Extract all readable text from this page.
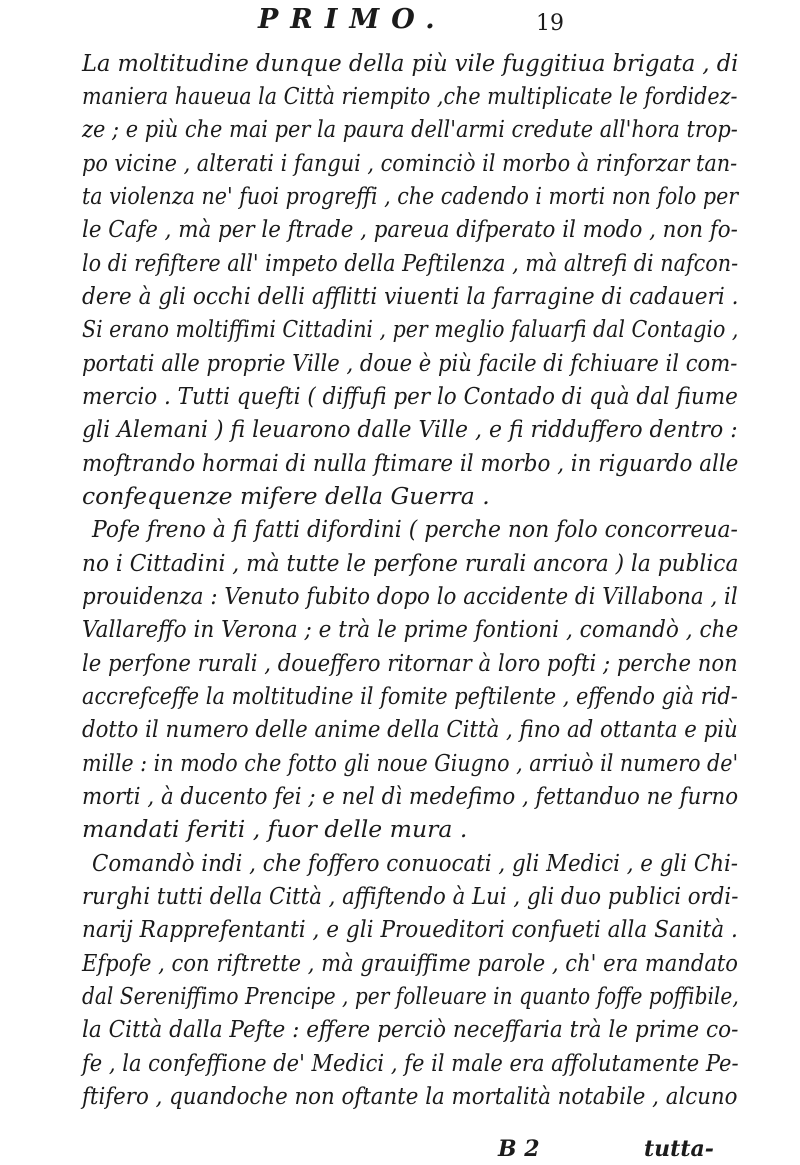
PRIMO.	19
La moltitudine dunque della più vile fuggitiua brigata , di
maniera haueua la Città riempito ,che multiplicate le fordidez-
ze ; e più che mai per la paura dell'armi credute all'hora trop-
po vicine , alterati i fangui , cominciò il morbo à rinforzar tan-
ta violenza ne' fuoi progreffi , che cadendo i morti non folo per
le Cafe , mà per le ftrade , pareua difperato il modo , non fo-
lo di refiftere all' impeto della Peftilenza , mà altrefi di nafcon-
dere à gli occhi delli afflitti viuenti la farragine di cadaueri .
Si erano moltiffimi Cittadini , per meglio faluarfi dal Contagio ,
portati alle proprie Ville , doue è più facile di fchiuare il com-
mercio . Tutti quefti ( diffufi per lo Contado di quà dal fiume
gli Alemani ) fi leuarono dalle Ville , e fi ridduffero dentro :
moftrando hormai di nulla ftimare il morbo , in riguardo alle
confequenze mifere della Guerra .
Pofe freno à fi fatti difordini ( perche non folo concorreua-
no i Cittadini , mà tutte le perfone rurali ancora ) la publica
prouidenza : Venuto fubito dopo lo accidente di Villabona , il
Vallareffo in Verona ; e trà le prime fontioni , comandò , che
le perfone rurali , doueffero ritornar à loro pofti ; perche non
accrefceffe la moltitudine il fomite peftilente , effendo già rid-
dotto il numero delle anime della Città , fino ad ottanta e più
mille : in modo che fotto gli noue Giugno , arriuò il numero de'
morti , à ducento fei ; e nel dì medefimo , fettanduo ne furno
mandati feriti , fuor delle mura .
Comandò indi , che foffero conuocati , gli Medici , e gli Chi-
rurghi tutti della Città , affiftendo à Lui , gli duo publici ordi-
narij Rapprefentanti , e gli Proueditori confueti alla Sanità .
Efpofe , con riftrette , mà grauiffime parole , ch' era mandato
dal Sereniffimo Prencipe , per folleuare in quanto foffe poffibile,
la Città dalla Pefte : effere perciò neceffaria trà le prime co-
fe , la confeffione de' Medici , fe il male era affolutamente Pe-
ftifero , quandoche non oftante la mortalità notabile , alcuno
B 2	tutta-
